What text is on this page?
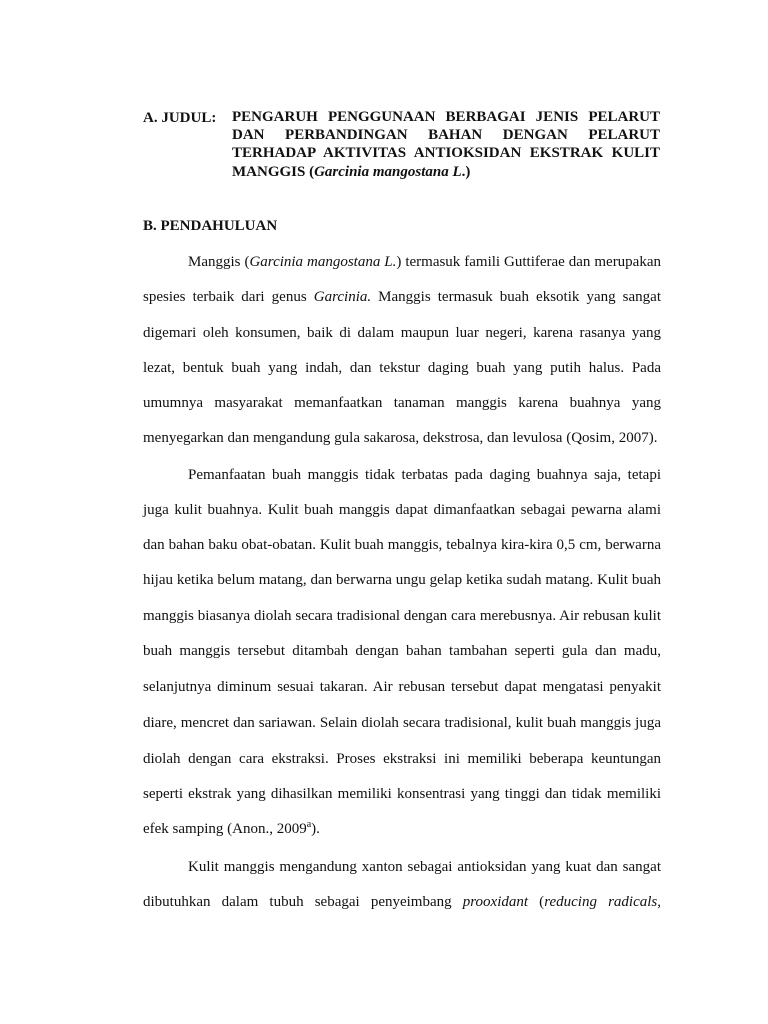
A. JUDUL: PENGARUH PENGGUNAAN BERBAGAI JENIS PELARUT
DAN PERBANDINGAN BAHAN DENGAN PELARUT
TERHADAP AKTIVITAS ANTIOKSIDAN EKSTRAK KULIT
MANGGIS (Garcinia mangostana L.)
B. PENDAHULUAN
Manggis (Garcinia mangostana L.) termasuk famili Guttiferae dan merupakan
spesies terbaik dari genus Garcinia. Manggis termasuk buah eksotik yang sangat
digemari oleh konsumen, baik di dalam maupun luar negeri, karena rasanya yang
lezat, bentuk buah yang indah, dan tekstur daging buah yang putih halus. Pada
umumnya masyarakat memanfaatkan tanaman manggis karena buahnya yang
menyegarkan dan mengandung gula sakarosa, dekstrosa, dan levulosa (Qosim, 2007).
Pemanfaatan buah manggis tidak terbatas pada daging buahnya saja, tetapi
juga kulit buahnya. Kulit buah manggis dapat dimanfaatkan sebagai pewarna alami
dan bahan baku obat-obatan. Kulit buah manggis, tebalnya kira-kira 0,5 cm, berwarna
hijau ketika belum matang, dan berwarna ungu gelap ketika sudah matang. Kulit buah
manggis biasanya diolah secara tradisional dengan cara merebusnya. Air rebusan kulit
buah manggis tersebut ditambah dengan bahan tambahan seperti gula dan madu,
selanjutnya diminum sesuai takaran. Air rebusan tersebut dapat mengatasi penyakit
diare, mencret dan sariawan. Selain diolah secara tradisional, kulit buah manggis juga
diolah dengan cara ekstraksi. Proses ekstraksi ini memiliki beberapa keuntungan
seperti ekstrak yang dihasilkan memiliki konsentrasi yang tinggi dan tidak memiliki
efek samping (Anon., 2009$^a$).
Kulit manggis mengandung xanton sebagai antioksidan yang kuat dan sangat
dibutuhkan dalam tubuh sebagai penyeimbang prooxidant (reducing radicals,
